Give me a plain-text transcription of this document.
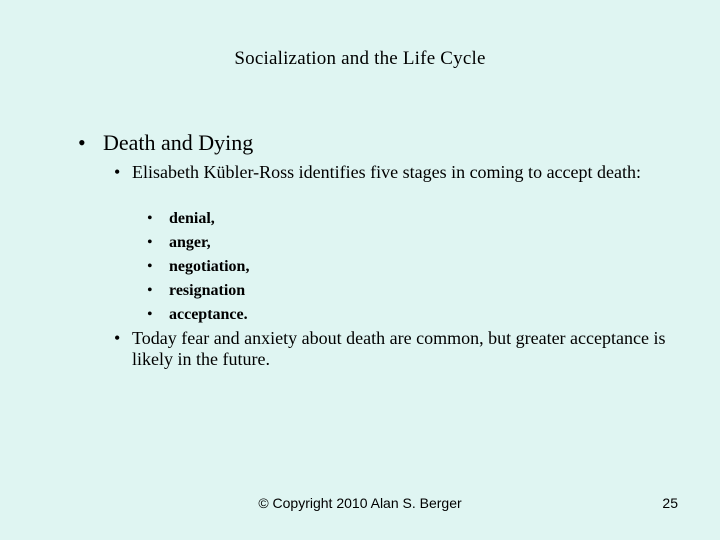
Socialization and the Life Cycle
• Death and Dying
• Elisabeth Kübler-Ross identifies five stages in coming to accept death:
• denial,
• anger,
• negotiation,
• resignation
• acceptance.
• Today fear and anxiety about death are common, but greater acceptance is likely in the future.
© Copyright 2010 Alan S. Berger	25
